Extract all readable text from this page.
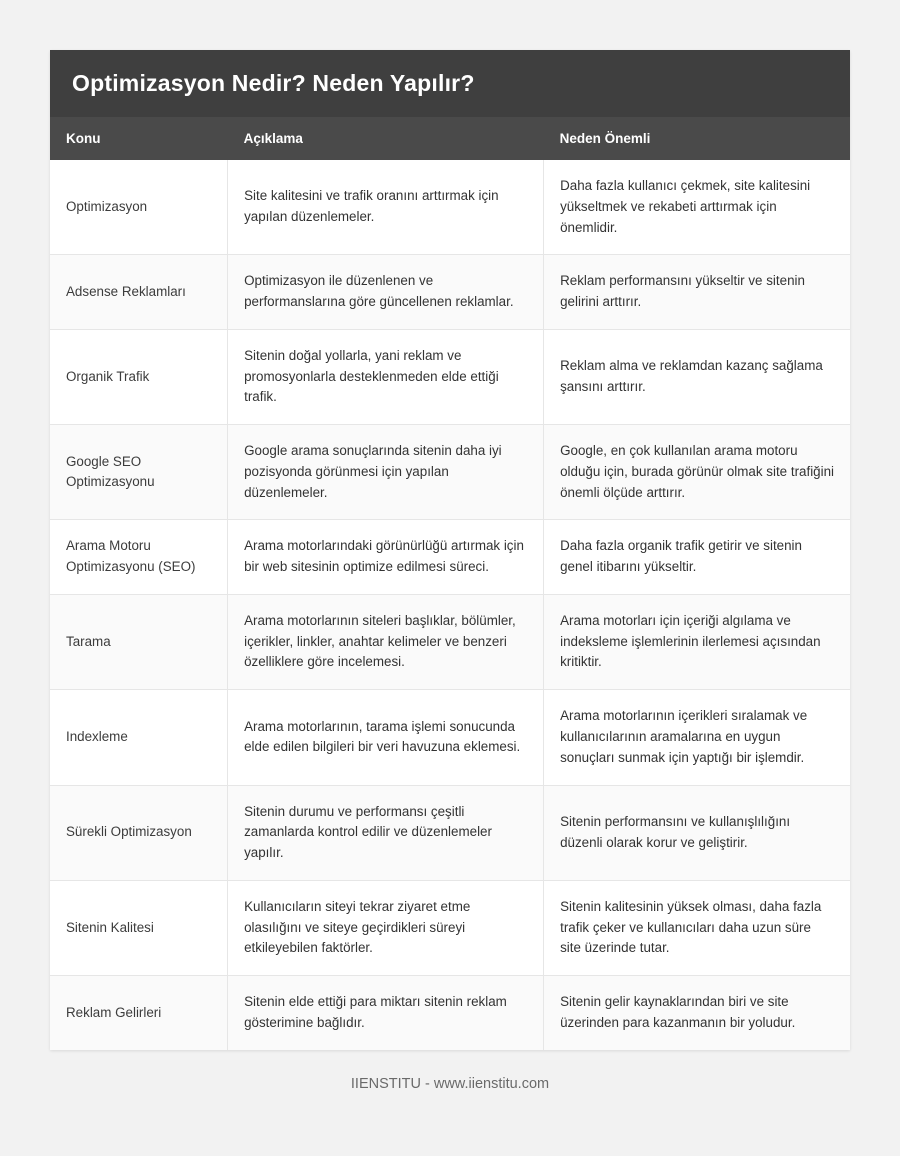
Optimizasyon Nedir? Neden Yapılır?
Konu	Açıklama	Neden Önemli
Optimizasyon	Site kalitesini ve trafik oranını arttırmak için yapılan düzenlemeler.	Daha fazla kullanıcı çekmek, site kalitesini yükseltmek ve rekabeti arttırmak için önemlidir.
Adsense Reklamları	Optimizasyon ile düzenlenen ve performanslarına göre güncellenen reklamlar.	Reklam performansını yükseltir ve sitenin gelirini arttırır.
Organik Trafik	Sitenin doğal yollarla, yani reklam ve promosyonlarla desteklenmeden elde ettiği trafik.	Reklam alma ve reklamdan kazanç sağlama şansını arttırır.
Google SEO Optimizasyonu	Google arama sonuçlarında sitenin daha iyi pozisyonda görünmesi için yapılan düzenlemeler.	Google, en çok kullanılan arama motoru olduğu için, burada görünür olmak site trafiğini önemli ölçüde arttırır.
Arama Motoru Optimizasyonu (SEO)	Arama motorlarındaki görünürlüğü artırmak için bir web sitesinin optimize edilmesi süreci.	Daha fazla organik trafik getirir ve sitenin genel itibarını yükseltir.
Tarama	Arama motorlarının siteleri başlıklar, bölümler, içerikler, linkler, anahtar kelimeler ve benzeri özelliklere göre incelemesi.	Arama motorları için içeriği algılama ve indeksleme işlemlerinin ilerlemesi açısından kritiktir.
Indexleme	Arama motorlarının, tarama işlemi sonucunda elde edilen bilgileri bir veri havuzuna eklemesi.	Arama motorlarının içerikleri sıralamak ve kullanıcılarının aramalarına en uygun sonuçları sunmak için yaptığı bir işlemdir.
Sürekli Optimizasyon	Sitenin durumu ve performansı çeşitli zamanlarda kontrol edilir ve düzenlemeler yapılır.	Sitenin performansını ve kullanışlılığını düzenli olarak korur ve geliştirir.
Sitenin Kalitesi	Kullanıcıların siteyi tekrar ziyaret etme olasılığını ve siteye geçirdikleri süreyi etkileyebilen faktörler.	Sitenin kalitesinin yüksek olması, daha fazla trafik çeker ve kullanıcıları daha uzun süre site üzerinde tutar.
Reklam Gelirleri	Sitenin elde ettiği para miktarı sitenin reklam gösterimine bağlıdır.	Sitenin gelir kaynaklarından biri ve site üzerinden para kazanmanın bir yoludur.
IIENSTITU - www.iienstitu.com
